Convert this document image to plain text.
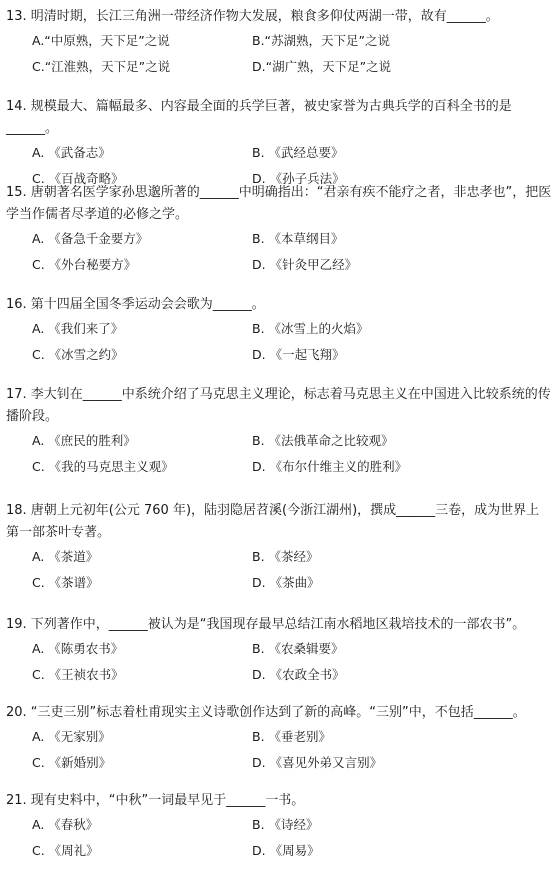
13. 明清时期，长江三角洲一带经济作物大发展，粮食多仰仗两湖一带，故有______。
A.“中原熟，天下足”之说	B.“苏湖熟，天下足”之说
C.“江淮熟，天下足”之说	D.“湖广熟，天下足”之说
14. 规模最大、篇幅最多、内容最全面的兵学巨著，被史家誉为古典兵学的百科全书的是______。
A. 《武备志》	B. 《武经总要》
C. 《百战奇略》	D. 《孙子兵法》
15. 唐朝著名医学家孙思邈所著的______中明确指出：“君亲有疾不能疗之者，非忠孝也”，把医学当作儒者尽孝道的必修之学。
A. 《备急千金要方》	B. 《本草纲目》
C. 《外台秘要方》	D. 《针灸甲乙经》
16. 第十四届全国冬季运动会会歌为______。
A. 《我们来了》	B. 《冰雪上的火焰》
C. 《冰雪之约》	D. 《一起飞翔》
17. 李大钊在______中系统介绍了马克思主义理论，标志着马克思主义在中国进入比较系统的传播阶段。
A. 《庶民的胜利》	B. 《法俄革命之比较观》
C. 《我的马克思主义观》	D. 《布尔什维主义的胜利》
18. 唐朝上元初年(公元 760 年)，陆羽隐居苕溪(今浙江湖州)，撰成______三卷，成为世界上第一部茶叶专著。
A. 《茶道》	B. 《茶经》
C. 《茶谱》	D. 《茶曲》
19. 下列著作中，______被认为是“我国现存最早总结江南水稻地区栽培技术的一部农书”。
A. 《陈勇农书》	B. 《农桑辑要》
C. 《王祯农书》	D. 《农政全书》
20. “三吏三别”标志着杜甫现实主义诗歌创作达到了新的高峰。“三别”中，不包括______。
A. 《无家别》	B. 《垂老别》
C. 《新婚别》	D. 《喜见外弟又言别》
21. 现有史料中，“中秋”一词最早见于______一书。
A. 《春秋》	B. 《诗经》
C. 《周礼》	D. 《周易》
